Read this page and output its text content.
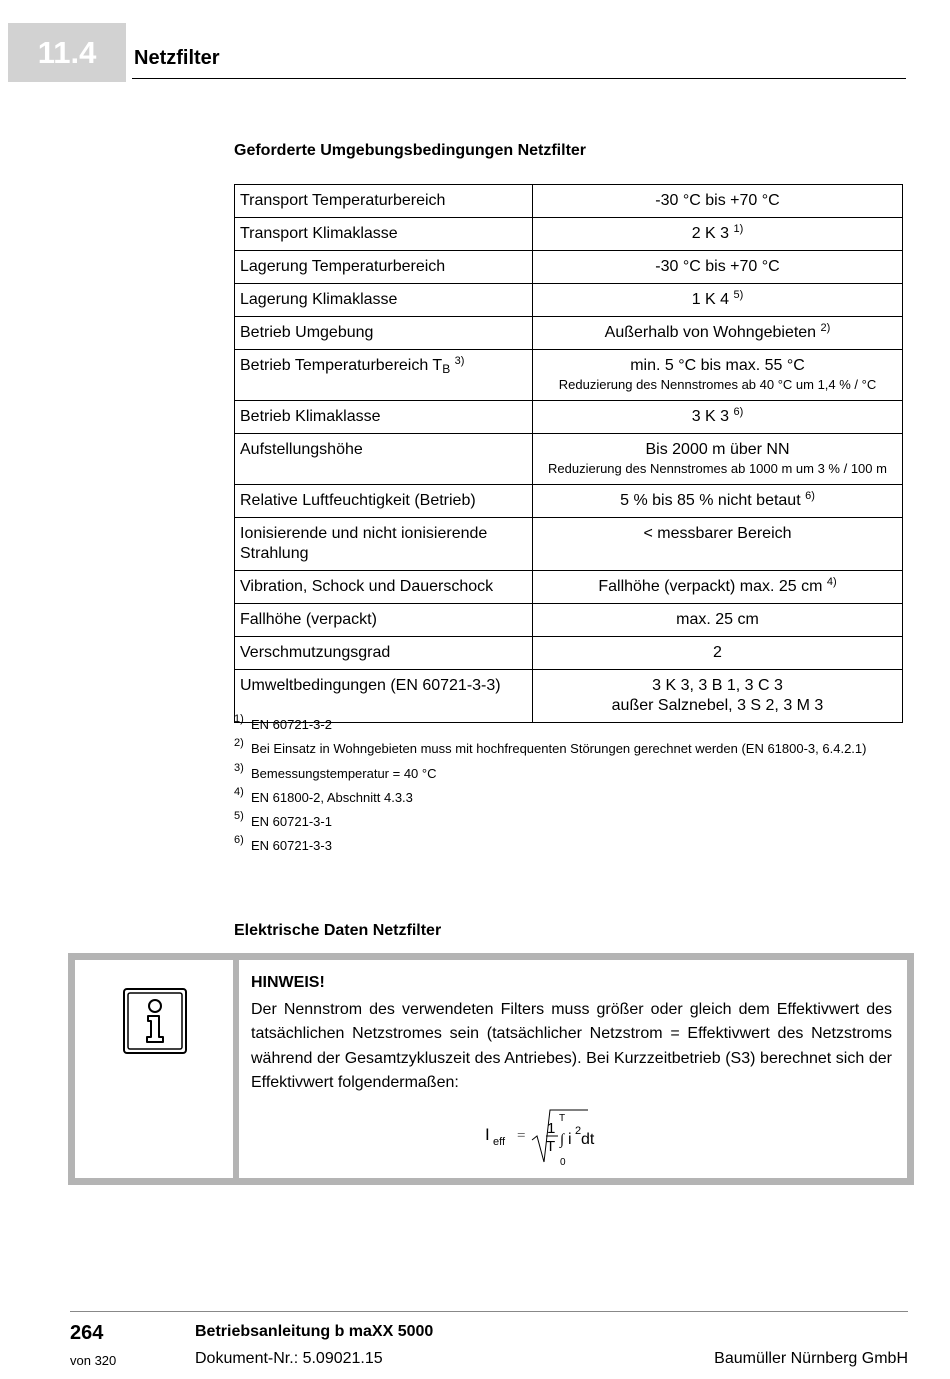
11.4	Netzfilter
Geforderte Umgebungsbedingungen Netzfilter
Transport Temperaturbereich	-30 °C bis +70 °C
Transport Klimaklasse	2 K 3 $^{1)}$
Lagerung Temperaturbereich	-30 °C bis +70 °C
Lagerung Klimaklasse	1 K 4 $^{5)}$
Betrieb Umgebung	Außerhalb von Wohngebieten $^{2)}$
Betrieb Temperaturbereich $T_B$ $^{3)}$	min. 5 °C bis max. 55 °C
Reduzierung des Nennstromes ab 40 °C um 1,4 % / °C

Betrieb Klimaklasse	3 K 3 $^{6)}$
Aufstellungshöhe	Bis 2000 m über NN
Reduzierung des Nennstromes ab 1000 m um 3 % / 100 m

Relative Luftfeuchtigkeit (Betrieb)	5 % bis 85 % nicht betaut $^{6)}$
Ionisierende und nicht ionisierende Strahlung	< messbarer Bereich
Vibration, Schock und Dauerschock	Fallhöhe (verpackt) max. 25 cm $^{4)}$
Fallhöhe (verpackt)	max. 25 cm
Verschmutzungsgrad	2
Umweltbedingungen (EN 60721-3-3)	3 K 3, 3 B 1, 3 C 3
außer Salznebel, 3 S 2, 3 M 3
1) EN 60721-3-2
2) Bei Einsatz in Wohngebieten muss mit hochfrequenten Störungen gerechnet werden (EN 61800-3, 6.4.2.1)
3) Bemessungstemperatur = 40 °C
4) EN 61800-2, Abschnitt 4.3.3
5) EN 60721-3-1
6) EN 60721-3-3
Elektrische Daten Netzfilter
HINWEIS!
Der Nennstrom des verwendeten Filters muss größer oder gleich dem Effektivwert des tatsächlichen Netzstromes sein (tatsächlicher Netzstrom = Effektivwert des Netzstroms während der Gesamtzykluszeit des Antriebes). Bei Kurzzeitbetrieb (S3) berechnet sich der Effektivwert folgendermaßen:
I eff = 1
T ∫
T
0
i 2 dt
264
von 320
Betriebsanleitung b maXX 5000
Dokument-Nr.: 5.09021.15	Baumüller Nürnberg GmbH
